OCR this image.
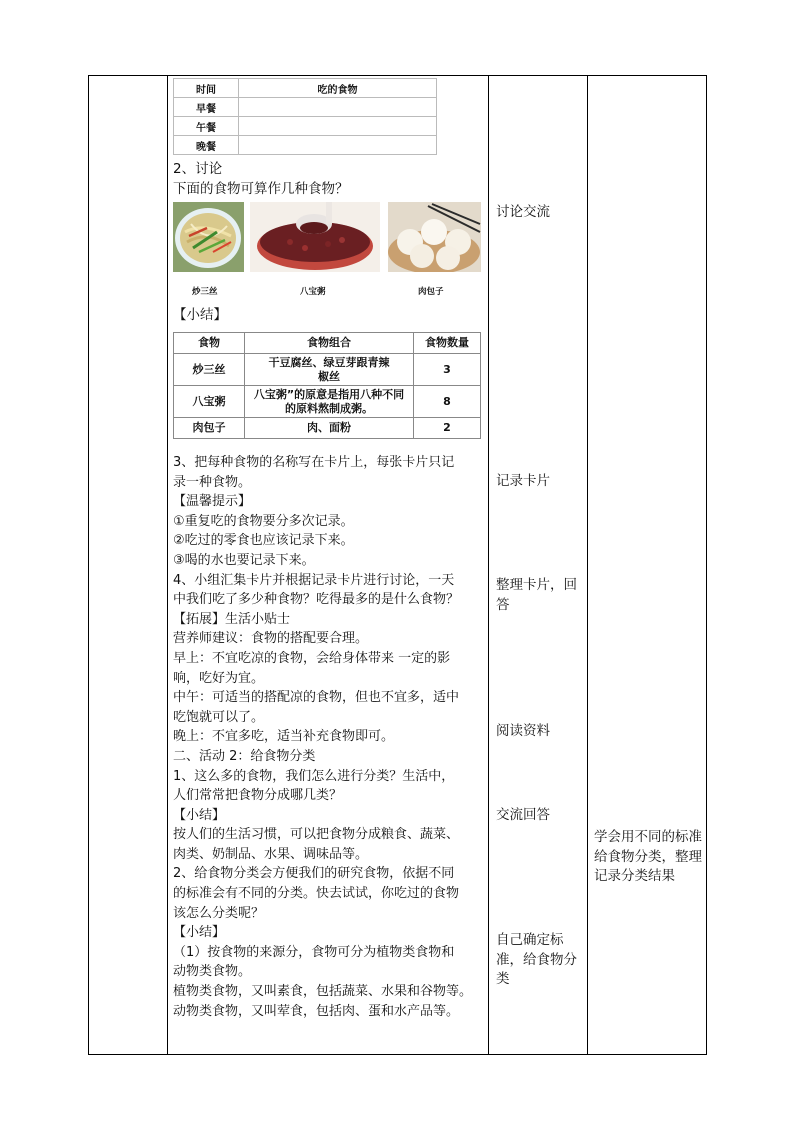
时间	吃的食物
早餐	
午餐	
晚餐	
2、讨论
下面的食物可算作几种食物？
炒三丝	八宝粥	肉包子
【小结】
食物	食物组合	食物数量
炒三丝	干豆腐丝、绿豆芽跟青辣椒丝	3
八宝粥	八宝粥”的原意是指用八种不同的原料熬制成粥。	8
肉包子	肉、面粉	2
3、把每种食物的名称写在卡片上，每张卡片只记
录一种食物。
【温馨提示】
①重复吃的食物要分多次记录。
②吃过的零食也应该记录下来。
③喝的水也要记录下来。
4、小组汇集卡片并根据记录卡片进行讨论，一天
中我们吃了多少种食物？吃得最多的是什么食物？
【拓展】生活小贴士
营养师建议：食物的搭配要合理。
早上：不宜吃凉的食物，会给身体带来 一定的影
响，吃好为宜。
中午：可适当的搭配凉的食物，但也不宜多，适中
吃饱就可以了。
晚上：不宜多吃，适当补充食物即可。
二、活动 2：给食物分类
1、这么多的食物，我们怎么进行分类？生活中，
人们常常把食物分成哪几类？
【小结】
按人们的生活习惯，可以把食物分成粮食、蔬菜、
肉类、奶制品、水果、调味品等。
2、给食物分类会方便我们的研究食物，依据不同
的标准会有不同的分类。快去试试，你吃过的食物
该怎么分类呢？
【小结】
（1）按食物的来源分，食物可分为植物类食物和
动物类食物。
植物类食物，又叫素食，包括蔬菜、水果和谷物等。
动物类食物，又叫荤食，包括肉、蛋和水产品等。
讨论交流
记录卡片
整理卡片，回答
阅读资料
交流回答
自己确定标准，给食物分类
学会用不同的标准给食物分类，整理记录分类结果
